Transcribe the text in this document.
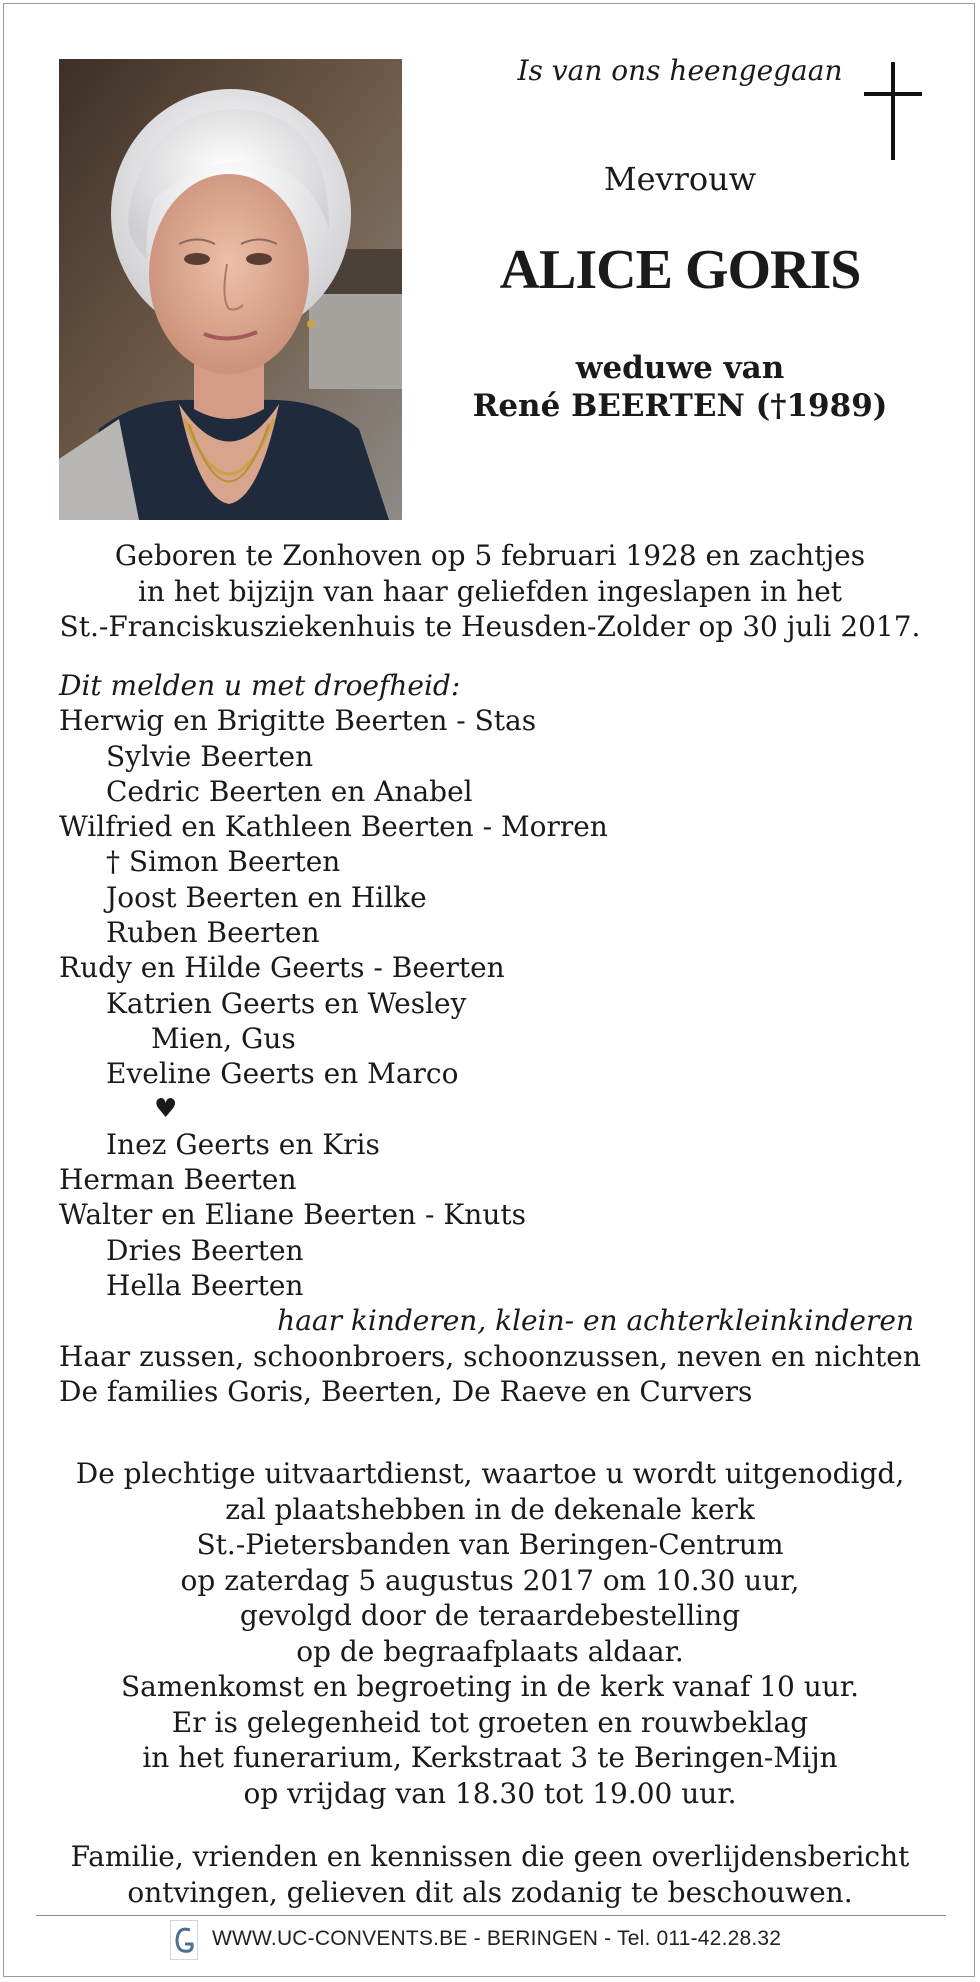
Is van ons heengegaan
Mevrouw
ALICE GORIS
weduwe van
René BEERTEN (†1989)
Geboren te Zonhoven op 5 februari 1928 en zachtjes
in het bijzijn van haar geliefden ingeslapen in het
St.-Franciskusziekenhuis te Heusden-Zolder op 30 juli 2017.
Dit melden u met droefheid:
Herwig en Brigitte Beerten - Stas
Sylvie Beerten
Cedric Beerten en Anabel
Wilfried en Kathleen Beerten - Morren
† Simon Beerten
Joost Beerten en Hilke
Ruben Beerten
Rudy en Hilde Geerts - Beerten
Katrien Geerts en Wesley
Mien, Gus
Eveline Geerts en Marco
♥
Inez Geerts en Kris
Herman Beerten
Walter en Eliane Beerten - Knuts
Dries Beerten
Hella Beerten
haar kinderen, klein- en achterkleinkinderen
Haar zussen, schoonbroers, schoonzussen, neven en nichten
De families Goris, Beerten, De Raeve en Curvers
De plechtige uitvaartdienst, waartoe u wordt uitgenodigd,
zal plaatshebben in de dekenale kerk
St.-Pietersbanden van Beringen-Centrum
op zaterdag 5 augustus 2017 om 10.30 uur,
gevolgd door de teraardebestelling
op de begraafplaats aldaar.
Samenkomst en begroeting in de kerk vanaf 10 uur.
Er is gelegenheid tot groeten en rouwbeklag
in het funerarium, Kerkstraat 3 te Beringen-Mijn
op vrijdag van 18.30 tot 19.00 uur.
Familie, vrienden en kennissen die geen overlijdensbericht
ontvingen, gelieven dit als zodanig te beschouwen.
WWW.UC-CONVENTS.BE - BERINGEN - Tel. 011-42.28.32
